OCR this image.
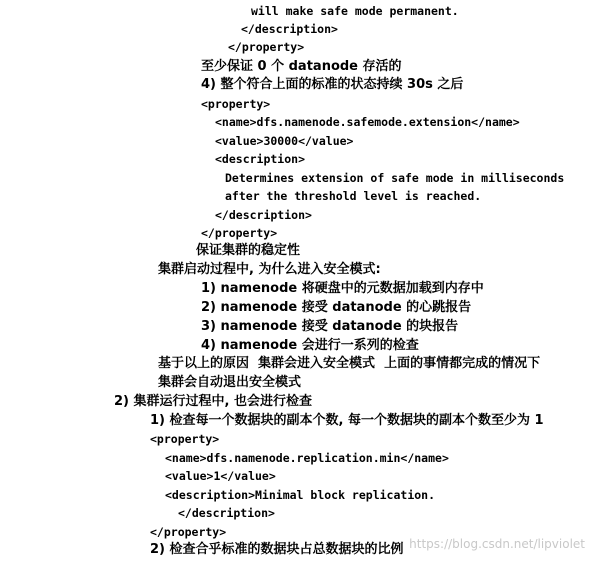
will make safe mode permanent.
</description>
</property>
至少保证 0 个 datanode 存活的
4) 整个符合上面的标准的状态持续 30s 之后
<property>
<name>dfs.namenode.safemode.extension</name>
<value>30000</value>
<description>
Determines extension of safe mode in milliseconds
after the threshold level is reached.
</description>
</property>
保证集群的稳定性
集群启动过程中, 为什么进入安全模式:
1) namenode 将硬盘中的元数据加载到内存中
2) namenode 接受 datanode 的心跳报告
3) namenode 接受 datanode 的块报告
4) namenode 会进行一系列的检查
基于以上的原因  集群会进入安全模式  上面的事情都完成的情况下
集群会自动退出安全模式
2) 集群运行过程中, 也会进行检查
1) 检查每一个数据块的副本个数, 每一个数据块的副本个数至少为 1
<property>
<name>dfs.namenode.replication.min</name>
<value>1</value>
<description>Minimal block replication.
</description>
</property>
2) 检查合乎标准的数据块占总数据块的比例 https://blog.csdn.net/lipviolet
